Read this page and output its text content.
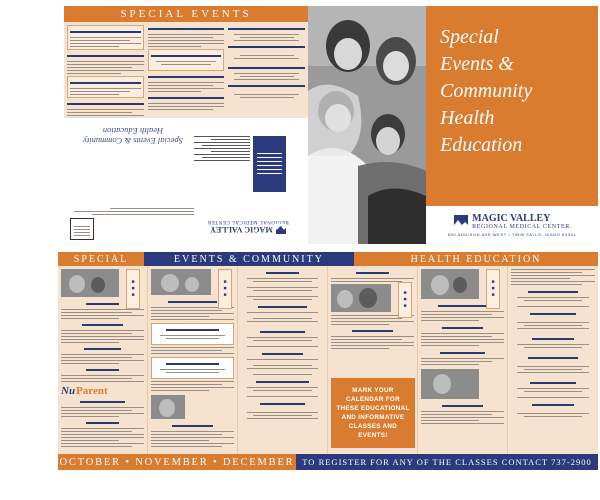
SPECIAL EVENTS
Special Events & Community
Health Education
MAGIC VALLEY
REGIONAL MEDICAL CENTER
Special
Events &
Community
Health
Education
MAGIC VALLEY
REGIONAL MEDICAL CENTER
650 ADDISON AVE WEST • TWIN FALLS, IDAHO 83301
SPECIAL	EVENTS & COMMUNITY	HEALTH EDUCATION
■■■
Nu Parent
■■■
■■■

MARK YOUR CALENDAR FOR THESE EDUCATIONAL AND INFORMATIVE CLASSES AND EVENTS!

■■■
OCTOBER • NOVEMBER • DECEMBER TO REGISTER FOR ANY OF THE CLASSES CONTACT 737-2900
